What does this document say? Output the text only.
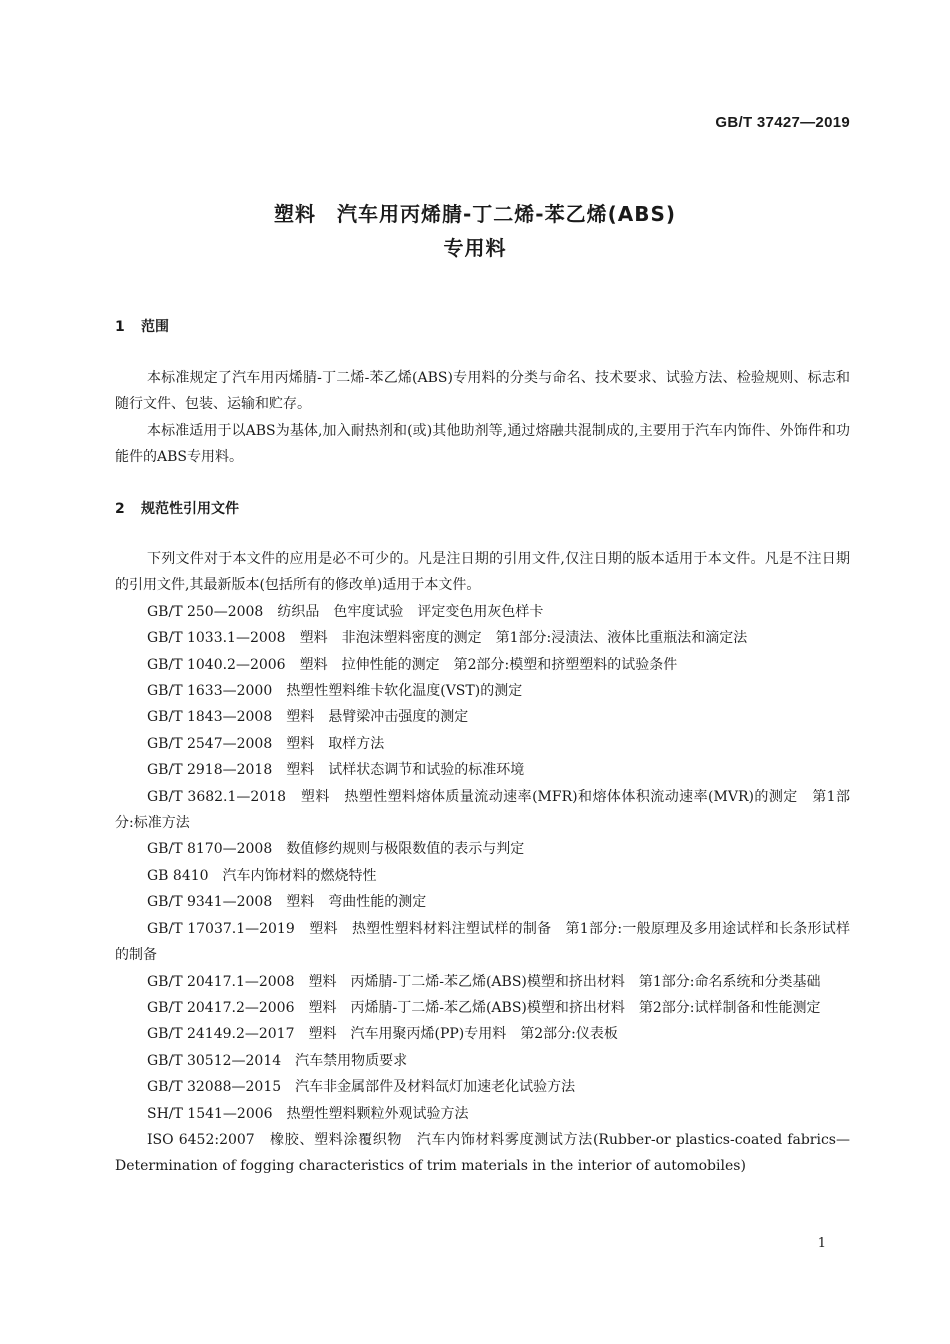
GB/T 37427—2019
塑料　汽车用丙烯腈-丁二烯-苯乙烯(ABS)
专用料
1 范围

本标准规定了汽车用丙烯腈-丁二烯-苯乙烯(ABS)专用料的分类与命名、技术要求、试验方法、检验规则、标志和随行文件、包装、运输和贮存。

本标准适用于以ABS为基体,加入耐热剂和(或)其他助剂等,通过熔融共混制成的,主要用于汽车内饰件、外饰件和功能件的ABS专用料。

2 规范性引用文件

下列文件对于本文件的应用是必不可少的。凡是注日期的引用文件,仅注日期的版本适用于本文件。凡是不注日期的引用文件,其最新版本(包括所有的修改单)适用于本文件。

GB/T 250—2008　纺织品　色牢度试验　评定变色用灰色样卡

GB/T 1033.1—2008　塑料　非泡沫塑料密度的测定　第1部分:浸渍法、液体比重瓶法和滴定法

GB/T 1040.2—2006　塑料　拉伸性能的测定　第2部分:模塑和挤塑塑料的试验条件

GB/T 1633—2000　热塑性塑料维卡软化温度(VST)的测定

GB/T 1843—2008　塑料　悬臂梁冲击强度的测定

GB/T 2547—2008　塑料　取样方法

GB/T 2918—2018　塑料　试样状态调节和试验的标准环境

GB/T 3682.1—2018　塑料　热塑性塑料熔体质量流动速率(MFR)和熔体体积流动速率(MVR)的测定　第1部分:标准方法

GB/T 8170—2008　数值修约规则与极限数值的表示与判定

GB 8410　汽车内饰材料的燃烧特性

GB/T 9341—2008　塑料　弯曲性能的测定

GB/T 17037.1—2019　塑料　热塑性塑料材料注塑试样的制备　第1部分:一般原理及多用途试样和长条形试样的制备

GB/T 20417.1—2008　塑料　丙烯腈-丁二烯-苯乙烯(ABS)模塑和挤出材料　第1部分:命名系统和分类基础

GB/T 20417.2—2006　塑料　丙烯腈-丁二烯-苯乙烯(ABS)模塑和挤出材料　第2部分:试样制备和性能测定

GB/T 24149.2—2017　塑料　汽车用聚丙烯(PP)专用料　第2部分:仪表板

GB/T 30512—2014　汽车禁用物质要求

GB/T 32088—2015　汽车非金属部件及材料氙灯加速老化试验方法

SH/T 1541—2006　热塑性塑料颗粒外观试验方法

ISO 6452:2007　橡胶、塑料涂覆织物　汽车内饰材料雾度测试方法(Rubber-or plastics-coated fabrics—Determination of fogging characteristics of trim materials in the interior of automobiles)

1
